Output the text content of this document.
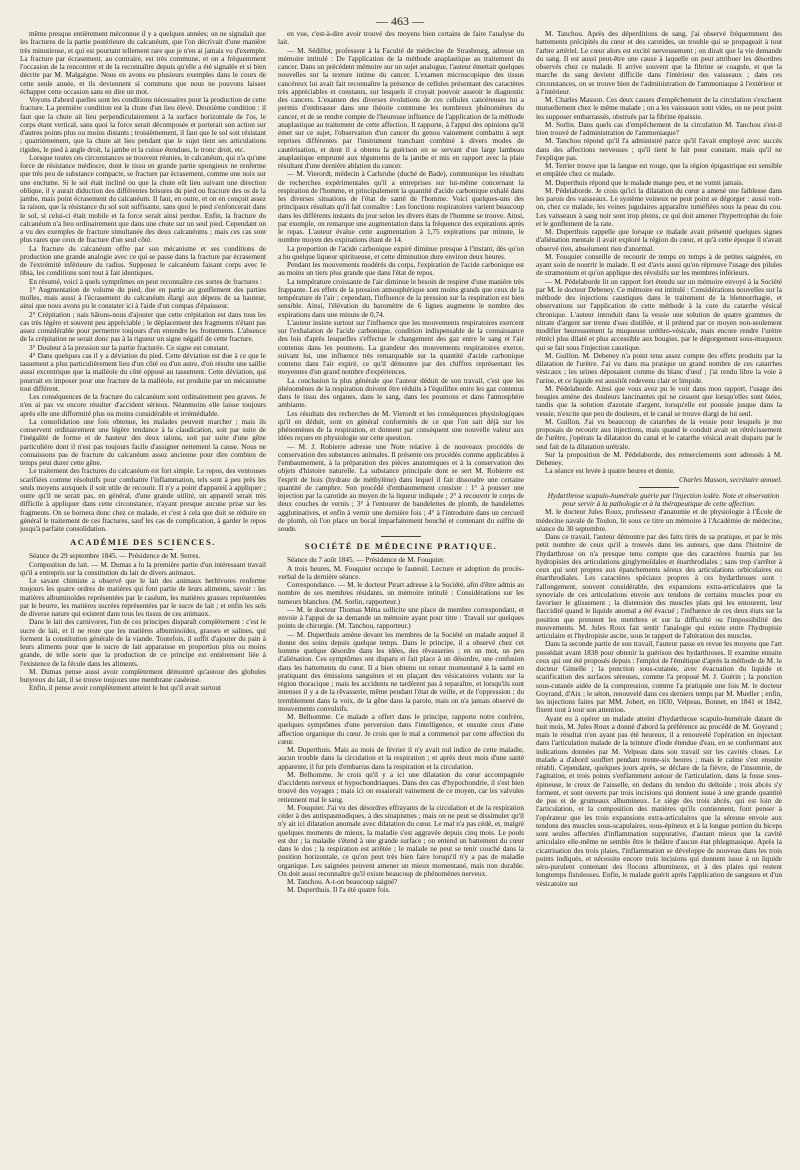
— 463 —

même presque entièrement méconnue il y a quelques années; on ne signalait que les fractures de la partie postérieure du calcanéum, que l'on décrivait d'une manière très minutieuse, et qui est pourtant tellement rare que je n'en ai jamais vu d'exemple. La fracture par écrasement, au contraire, est très commune, et on a fréquemment l'occasion de la rencontrer et de la reconnaître depuis qu'elle a été signalée et si bien décrite par M. Malgaigne. Nous en avons eu plusieurs exemples dans le cours de cette seule année, et ils deviennent si communs que nous ne pouvons laisser échapper cette occasion sans en dire un mot.

Voyons d'abord quelles sont les conditions nécessaires pour la production de cette fracture. La première condition est la chute d'un lieu élevé. Deuxième condition : il faut que la chute ait lieu perpendiculairement à la surface horizontale de l'os, le corps étant vertical, sans quoi la force serait décomposée et porterait son action sur d'autres points plus ou moins distants ; troisièmement, il faut que le sol soit résistant ; quatrièmement, que la chute ait lieu pendant que le sujet tient ses articulations rigides, le pied à angle droit, la jambe et la cuisse étendues, le tronc droit, etc.

Lorsque toutes ces circonstances se trouvent réunies, le calcanéum, qui n'a qu'une force de résistance médiocre, dont le tissu en grande partie spongieux ne renferme que très peu de substance compacte, se fracture par écrasement, comme une noix sur une enclume. Si le sol était incliné ou que la chute eût lieu suivant une direction oblique, il y aurait diduction des différentes brisures du pied ou fracture des os de la jambe, mais point écrasement du calcanéum. Il faut, en outre, et on en conçoit assez la raison, que la résistance du sol soit suffisante, sans quoi le pied s'enfoncerait dans le sol, si celui-ci était mobile et la force serait ainsi perdue. Enfin, la fracture du calcanéum n'a lieu ordinairement que dans une chute sur un seul pied. Cependant on a vu des exemples de fracture simultanée des deux calcanéums ; mais ces cas sont plus rares que ceux de fracture d'un seul côté.

La fracture du calcanéum offre par son mécanisme et ses conditions de production une grande analogie avec ce qui se passe dans la fracture par écrasement de l'extrémité inférieure du radius. Supposez le calcanéum faisant corps avec le tibia, les conditions sont tout à fait identiques.

En résumé, voici à quels symptômes on peut reconnaître ces sortes de fractures :

1° Augmentation de volume du pied, due en partie au gonflement des parties molles, mais aussi à l'écrasement du calcanéum élargi aux dépens de sa hauteur, ainsi que nous avons pu le constater ici à l'aide d'un compas d'épaisseur.

2° Crépitation ; nais hâtons-nous d'ajouter que cette crépitation est dans tous les cas très légère et souvent peu appréciable ; le déplacement des fragments n'étant pas assez considérable pour permettre toujours d'en entendre les frottements. L'absence de la crépitation ne serait donc pas à la rigueur un signe négatif de cette fracture.

3° Douleur à la pression sur la partie fracturée. Ce signe est constant.

4° Dans quelques cas il y a déviation du pied. Cette déviation est due à ce que le tassement a plus particulièrement lieu d'un côté ou d'un autre, d'où résulte une saillie aussi excentrique que la malléole du côté opposé au tassement. Cette déviation, qui pourrait en imposer pour une fracture de la malléole, est produite par un mécanisme tout différent.

Les conséquences de la fracture du calcanéum sont ordinairement peu graves. Je n'en ai pas vu encore résulter d'accident sérieux. Néanmoins elle laisse toujours après elle une difformité plus ou moins considérable et irrémédiable.

La consolidation une fois obtenue, les malades peuvent marcher ; mais ils conservent ordinairement une légère tendance à la claudication, soit par suite de l'inégalité de forme et de hauteur des deux talons, soit par suite d'une gêne particulière dont il n'est pas toujours facile d'assigner nettement la cause. Nous ne connaissons pas de fracture du calcanéum assez ancienne pour dire combien de temps peut durer cette gêne.

Le traitement des fractures du calcanéum est fort simple. Le repos, des ventouses scarifiées comme résolutifs pour combattre l'inflammation, tels sont à peu près les seuls moyens auxquels il soit utile de recourir. Il n'y a point d'appareil à appliquer ; outre qu'il ne serait pas, en général, d'une grande utilité, un appareil serait très difficile à appliquer dans cette circonstance, n'ayant presque aucune prise sur les fragments. On se bornera donc chez ce malade, et c'est à cela que doit se réduire en général le traitement de ces fractures, sauf les cas de complication, à garder le repos jusqu'à parfaite consolidation.

ACADÉMIE DES SCIENCES.

Séance du 29 septembre 1845. — Présidence de M. Serres.

Composition du lait. — M. Dumas a lu la première partie d'un intéressant travail qu'il a entrepris sur la constitution du lait de divers animaux.

Le savant chimiste a observé que le lait des animaux herbivores renferme toujours les quatre ordres de matières qui font partie de leurs aliments, savoir : les matières albuminoïdes représentées par le caséum, les matières grasses représentées par le beurre, les matières sucrées représentées par le sucre de lait ; et enfin les sels de diverse nature qui existent dans tous les tissus de ces animaux.

Dans le lait des carnivores, l'un de ces principes disparaît complètement : c'est le sucre de lait, et il ne reste que les matières albuminoïdes, grasses et salines, qui forment la constitution générale de la viande. Toutefois, il suffit d'ajouter du pain à leurs aliments pour que le sucre de lait apparaisse en proportion plus ou moins grande, de telle sorte que la production de ce principe est entièrement liée à l'existence de la fécule dans les aliments.

M. Dumas pense aussi avoir complètement démontré qu'autour des globules butyreux du lait, il se trouve toujours une membrane caséeuse.

Enfin, il pense avoir complètement atteint le but qu'il avait surtout

en vue, c'est-à-dire avoir trouvé des moyens bien certains de faire l'analyse du lait.

— M. Sédillot, professeur à la Faculté de médecine de Strasbourg, adresse un mémoire intitulé : De l'application de la méthode anaplastique au traitement du cancer. Dans un précédent mémoire sur un sujet analogue, l'auteur émettait quelques nouvelles sur la texture intime du cancer. L'examen microscopique des tissus cancéreux lui avait fait reconnaître la présence de cellules présentant des caractères très appréciables et constants, sur lesquels il croyait pouvoir asseoir le diagnostic des cancers. L'examen des diverses évolutions de ces cellules cancéreuses lui a permis d'embrasser dans une théorie commune les nombreux phénomènes du cancer, et de se rendre compte de l'heureuse influence de l'application de la méthode anaplastique au traitement de cette affection. Il rapporte, à l'appui des opinions qu'il émet sur ce sujet, l'observation d'un cancer du genou vainement combattu à sept reprises différentes par l'instrument tranchant combiné à divers modes de cautérisation, et dont il a obtenu la guérison en se servant d'un large lambeau anaplastique emprunté aux téguments de la jambe et mis en rapport avec la plaie résultant d'une dernière ablation du cancer.

— M. Vierordt, médecin à Carlsruhe (duché de Bade), communique les résultats de recherches expérimentales qu'il a entreprises sur lui-même concernant la respiration de l'homme, et principalement la quantité d'acide carbonique exhalé dans les diverses situations de l'état de santé de l'homme. Voici quelques-uns des principaux résultats qu'il fait connaître : Les fonctions respiratoires varient beaucoup dans les différents instants du jour selon les divers états de l'homme se trouve. Ainsi, par exemple, on remarque une augmentation dans la fréquence des expirations après le repas. L'auteur évalue cette augmentation à 1,75 expirations par minute, le nombre moyen des expirations étant de 14.

La proportion de l'acide carbonique expiré diminue presque à l'instant, dès qu'on a bu quelque liqueur spiritueuse, et cette diminution dure environ deux heures.

Pendant les mouvements modérés du corps, l'expiration de l'acide carbonique est au moins un tiers plus grande que dans l'état de repos.

La température croissante de l'air diminue le besoin de respirer d'une manière très frappante. Les effets de la pression atmosphérique sont moins grands que ceux de la température de l'air ; cependant, l'influence de la pression sur la respiration est bien sensible. Ainsi, l'élévation du baromètre de 6 lignes augmente le nombre des expirations dans une minute de 0,74.

L'auteur insiste surtout sur l'influence que les mouvements respiratoires exercent sur l'exhalation de l'acide carbonique, condition indispensable de la connaissance des lois d'après lesquelles s'effectue le changement des gaz entre le sang et l'air contenus dans les poumons. La grandeur des mouvements respiratoires exerce, suivant lui, une influence très remarquable sur la quantité d'acide carbonique contenu dans l'air expiré, ce qu'il démontre par des chiffres représentant les moyennes d'un grand nombre d'expériences.

La conclusion la plus générale que l'auteur déduit de son travail, c'est que les phénomènes de la respiration doivent être réduits à l'équilibre entre les gaz contenus dans le tissu des organes, dans le sang, dans les poumons et dans l'atmosphère ambiante.

Les résultats des recherches de M. Vierordt et les conséquences physiologiques qu'il en déduit, sont en général conformités de ce que l'on sait déjà sur les phénomènes de la respiration, et donnent par conséquent une nouvelle valeur aux idées reçues en physiologie sur cette question.

— M. J. Robierre adresse une Note relative à de nouveaux procédés de conservation des substances animales. Il présente ces procédés comme applicables à l'embaumement, à la préparation des pièces anatomiques et à la conservation des objets d'histoire naturelle. La substance principale dont se sert M. Robierre est l'esprit de bois (hydrate de méthylène) dans lequel il fait dissoudre une certaine quantité de camphre. Son procédé d'embaumement consiste : 1° à pousser une injection par la carotide au moyen de la liqueur indiquée ; 2° à recouvrir le corps de deux couches de vernis ; 3° à l'entourer de bandelettes de plomb, de bandelettes agglutinatives, et enfin à vernir une dernière fois ; 4° à l'introduire dans un cercueil de plomb, où l'on place un bocal imparfaitement bouché et contenant du sulfite de soude.

SOCIÉTÉ DE MÉDECINE PRATIQUE.

Séance du 7 août 1845. — Présidence de M. Fouquier.

A trois heures, M. Fouquier occupe le fauteuil. Lecture et adoption du procès-verbal de la dernière séance.

Correspondance. — M. le docteur Pirart adresse à la Société, afin d'être admis au nombre de ses membres résidants, un mémoire intitulé : Considérations sur les tumeurs blanches. (M. Sorlin, rapporteur.)

— M. le docteur Thomas Ména sollicite une place de membre correspondant, et envoie à l'appui de sa demande un mémoire ayant pour titre : Travail sur quelques points de chirurgie. (M. Tanchou, rapporteur.)

— M. Duperthuis amène devant les membres de la Société un malade auquel il donne des soins depuis quelque temps. Dans le principe, il a observé chez cet homme quelque désordre dans les idées, des rêvasseries ; en un mot, un peu d'aliénation. Ces symptômes ont disparu et fait place à un désordre, une confusion dans les battements du cœur. Il a bien obtenu un retour momentané à la santé en pratiquant des émissions sanguines et en plaçant des vésicatoires volants sur la région thoracique ; mais les accidents ne tardèrent pas à reparaître, et lorsqu'ils sont intenses il y a de la rêvasserie, même pendant l'état de veille, et de l'oppression ; du tremblement dans la voix, de la gêne dans la parole, mais on n'a jamais observé de mouvements convulsifs.

M. Belhomme. Ce malade a offert dans le principe, rapporte notre confrère, quelques symptômes d'une perversion dans l'intelligence, et ensuite ceux d'une affection organique du cœur. Je crois que le mal a commencé par cette affection du cœur.

M. Duperthuis. Mais au mois de février il n'y avait nul indice de cette maladie, aucun trouble dans la circulation et la respiration ; et après deux mois d'une santé apparente, il fut pris d'embarras dans la respiration et la circulation.

M. Belhomme. Je crois qu'il y a ici une dilatation du cœur accompagnée d'accidents nerveux et hypochondriaques. Dans des cas d'hypochondrie, il s'est bien trouvé des voyages ; mais ici on essaierait vainement de ce moyen, car les valvules retiennent mal le sang.

M. Fouquier. J'ai vu des désordres effrayants de la circulation et de la respiration céder à des antispasmodiques, à des sinapismes ; mais on ne peut se dissimuler qu'il n'y ait ici dilatation anomale avec dilatation du cœur. Le mal n'a pas cédé, et, malgré quelques moments de mieux, la maladie s'est aggravée depuis cinq mois. Le pouls est dur ; la maladie s'étend à une grande surface ; on entend un battement du cœur dans le dos ; la respiration est arrêtée ; le malade ne peut se tenir couché dans la position horizontale, ce qu'on peut très bien faire lorsqu'il n'y a pas de maladie organique. Les saignées peuvent amener un mieux momentané, mais non durable. On doit aussi reconnaître qu'il existe beaucoup de phénomènes nerveux.

M. Tanchou. A-t-on beaucoup saigné?

M. Duperthuis. Il l'a été quatre fois.

M. Tanchou. Après des déperditions de sang, j'ai observé fréquemment des battements précipités du cœur et des carotides, un trouble qui se propageait à tout l'arbre artériel. Le cœur alors est excité nerveusement ; on dirait que la vie demande du sang. Il est aussi peut-être une cause à laquelle on peut attribuer les désordres observés chez ce malade. Il arrive souvent que la fibrine se coagule, et que la marche du sang devient difficile dans l'intérieur des vaisseaux ; dans ces circonstances, on se trouve bien de l'administration de l'ammoniaque à l'extérieur et à l'intérieur.

M. Charles Masson. Ces deux causes d'empêchement de la circulation s'excluent mutuellement chez le même malade ; on a les vaisseaux sont vides, on ne peut point les supposer embarrassés, obstrués par la fibrine épaissie.

M. Sorlin. Dans quels cas d'empêchement de la circulation M. Tanchou s'est-il bien trouvé de l'administration de l'ammoniaque?

M. Tanchou répond qu'il l'a administré parce qu'il l'avait employé avec succès dans des affections nerveuses ; qu'il tient le fait pour constant, mais qu'il ne l'explique pas.

M. Terrier trouve que la langue est rouge, que la région épigastrique est sensible et empâtée chez ce malade.

M. Duperthuis répond que le malade mange peu, et ne vomit jamais.

M. Pédelaborde. Je crois qu'ici la dilatation du cœur a amené une faiblesse dans les parois des vaisseaux. Le système veineux ne peut point se dégorger : aussi voit-on, chez ce malade, les veines jugulaires apparaître tuméfiées sous la peau du cou. Les vaisseaux à sang noir sont trop pleins, ce qui doit amener l'hypertrophie du foie et le gonflement de la rate.

M. Duperthuis rappelle que lorsque ce malade avait présenté quelques signes d'aliénation mentale il avait exploré la région du cœur, et qu'à cette époque il n'avait observé rien, absolument rien d'anormal.

M. Fouquier conseille de recourir de temps en temps à de petites saignées, en ayant soin de nourrir le malade. Il est d'avis aussi qu'on réprouve l'usage des pilules de stramonium et qu'on applique des révulsifs sur les membres inférieurs.

— M. Pédelaborde lit un rapport fort étendu sur un mémoire envoyé à la Société par M. le docteur Debeney. Ce mémoire est intitulé : Considérations nouvelles sur la méthode des injections caustiques dans le traitement de la blennorrhagie, et observations sur l'application de cette méthode à la cure du catarrhe vésical chronique. L'auteur introduit dans la vessie une solution de quatre grammes de nitrate d'argent sur trente d'eau distillée, et il prétend par ce moyen non-seulement modifier heureusement la muqueuse uréthro-vésicale, mais encore rendre l'urètre rétréci plus dilaté et plus accessible aux bougies, par le dégorgement sous-muqueux qui se fait sous l'injection caustique.

M. Guillon. M. Debeney n'a point tenu assez compte des effets produits par la dilatation de l'urètre. J'ai vu dans ma pratique un grand nombre de ces catarrhes vésicaux ; les urines déposaient comme du blanc d'œuf ; j'ai rendu libre la voie à l'urine, et ce liquide est aussitôt redevenu clair et limpide.

M. Pédelaborde. Ainsi que vous avez pu le voir dans mon rapport, l'usage des bougies amène des douleurs lancinantes qui ne cessent que lorsqu'elles sont ôtées, tandis que la solution d'azotate d'argent, lorsqu'elle est poussée jusque dans la vessie, n'excite que peu de douleurs, et le canal se trouve élargi de lui seul.

M. Guillon. J'ai vu beaucoup de catarrhes de la vessie pour lesquels je me proposais de recourir aux injections, mais quand le conduit avait un rétrécissement de l'urètre, j'opérais la dilatation du canal et le catarrhe vésical avait disparu par le seul fait de la dilatation urétrale.

Sur la proposition de M. Pédelaborde, des remerciements sont adressés à M. Debeney.

La séance est levée à quatre heures et demie.

Charles Masson, secrétaire annuel.

Hydarthrose scapulo-humérale guérie par l'injection iodée. Note et observation pour servir à la pathologie et à la thérapeutique de cette affection.

M. le docteur Jules Roux, professeur d'anatomie et de physiologie à l'École de médecine navale de Toulon, lit sous ce titre un mémoire à l'Académie de médecine, séance du 30 septembre.

Dans ce travail, l'auteur démontre par des faits tirés de sa pratique, et par le très petit nombre de ceux qu'il a trouvés dans les auteurs, que dans l'histoire de l'hydarthrose on n'a presque tenu compte que des caractères fournis par les hydropisies des articulations ginglymoïdales et énarthrodiales ; sans trop s'arrêter à ceux qui sont propres aux épanchements séreux des articulations orbiculaires ou énarthrodiales. Les caractères spéciaux propres à ces hydarthroses sont : l'allongement, souvent considérable, des expansions extra-articulaires que la synoviale de ces articulations envoie aux tendons de certains muscles pour en favoriser le glissement ; la distension des muscles plats qui les entourent, leur flaccidité quand le liquide anomal a été évacué ; l'influence de ces deux états sur la position que prennent les membres et sur la difficulté ou l'impossibilité des mouvements. M. Jules Roux fait sentir l'analogie qui existe entre l'hydropisie articulaire et l'hydropisie ascite, sous le rapport de l'altération des muscles.

Dans la seconde partie de son travail, l'auteur passe en revue les moyens que l'art possédait avant 1838 pour obtenir la guérison des hydarthroses. Il examine ensuite ceux qui ont été proposés depuis : l'emploi de l'émétique d'après la méthode de M. le docteur Gimelle ; la ponction sous-cutanée, avec évacuation du liquide et scarification des surfaces séreuses, comme l'a proposé M. J. Guérin ; la ponction sous-cutanée aidée de la compression, comme l'a pratiquée une fois M. le docteur Goyrand, d'Aix ; le séton, renouvelé dans ces derniers temps par M. Mueller ; enfin, les injections faites par MM. Jobert, en 1830, Velpeau, Bonnet, en 1841 et 1842, fixent tout à tour son attention.

Ayant eu à opérer un malade atteint d'hydarthrose scapulo-humérale datant de huit mois, M. Jules Roux a donné d'abord la préférence au procédé de M. Goyrand ; mais le résultat n'en ayant pas été heureux, il a renouvelé l'opération en injectant dans l'articulation malade de la teinture d'iode étendue d'eau, en se conformant aux indications données par M. Velpeau dans son travail sur les cavités closes. Le malade a d'abord souffert pendant trente-six heures ; mais le calme s'est ensuite rétabli. Cependant, quelques jours après, se déclare de la fièvre, de l'insomnie, de l'agitation, et trois points s'enflamment autour de l'articulation, dans la fosse sous-épineuse, le creux de l'aisselle, en dedans du tendon du deltoïde ; trois abcès s'y forment, et sont ouverts par trois incisions qui donnent issue à une grande quantité de pus et de grumeaux albumineux. Le siège des trois abcès, qui est loin de l'articulation, et la composition des matières qu'ils contiennent, font penser à l'opérateur que les trois expansions extra-articulaires que la séreuse envoie aux tendons des muscles sous-scapulaires, sous-épineux et à la longue portion du biceps sont seules affectées d'inflammation suppurative, d'autant mieux que la cavité articulaire elle-même ne semble être le théâtre d'aucun état phlegmasique. Après la cicatrisation des trois plaies, l'inflammation se développe de nouveau dans les trois points indiqués, et nécessite encore trois incisions qui donnent issue à un liquide séro-purulent contenant des flocons albumineux, et à des plaies qui restent longtemps fistuleuses. Enfin, le malade guérit après l'application de sangsues et d'un vésicatoire sur
